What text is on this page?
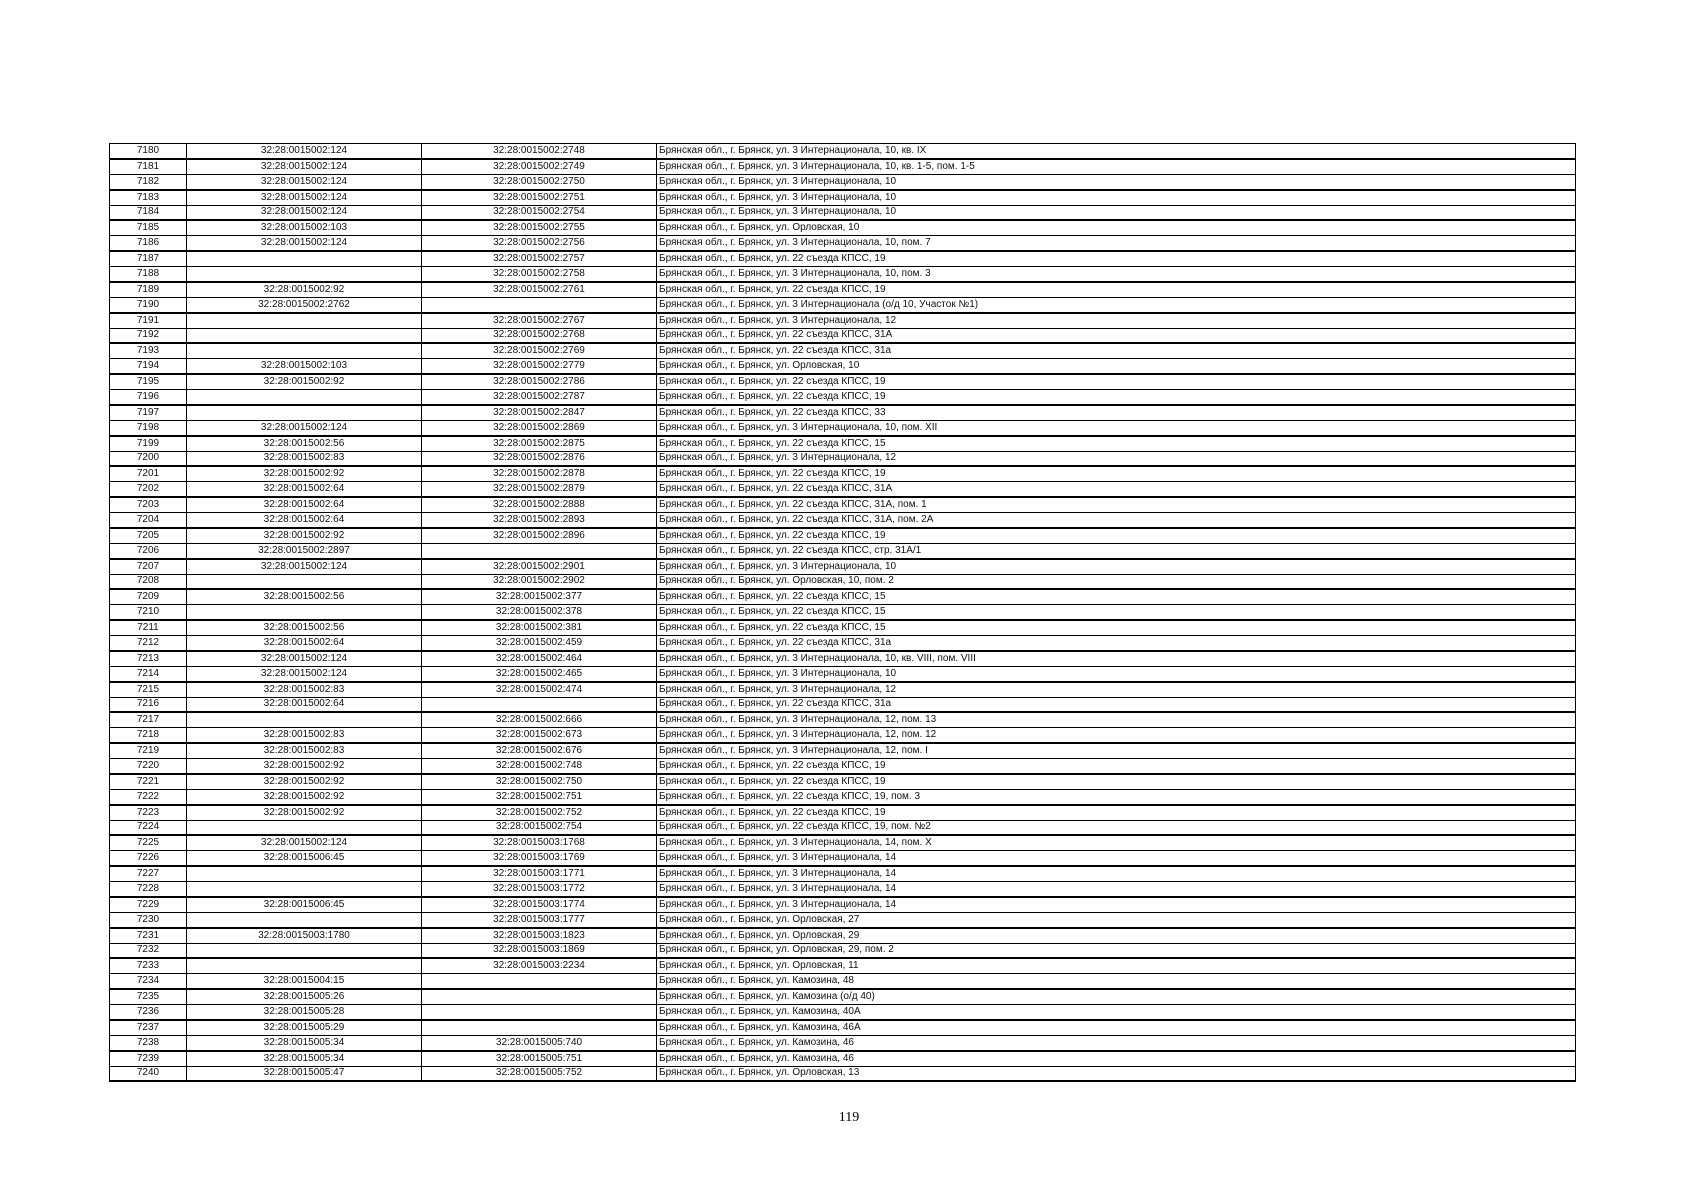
7180	32:28:0015002:124	32:28:0015002:2748	Брянская обл., г. Брянск, ул. 3 Интернационала, 10, кв. IX
7181	32:28:0015002:124	32:28:0015002:2749	Брянская обл., г. Брянск, ул. 3 Интернационала, 10, кв. 1-5, пом. 1-5
7182	32:28:0015002:124	32:28:0015002:2750	Брянская обл., г. Брянск, ул. 3 Интернационала, 10
7183	32:28:0015002:124	32:28:0015002:2751	Брянская обл., г. Брянск, ул. 3 Интернационала, 10
7184	32:28:0015002:124	32:28:0015002:2754	Брянская обл., г. Брянск, ул. 3 Интернационала, 10
7185	32:28:0015002:103	32:28:0015002:2755	Брянская обл., г. Брянск, ул. Орловская, 10
7186	32:28:0015002:124	32:28:0015002:2756	Брянская обл., г. Брянск, ул. 3 Интернационала, 10, пом. 7
7187		32:28:0015002:2757	Брянская обл., г. Брянск, ул. 22 съезда КПСС, 19
7188		32:28:0015002:2758	Брянская обл., г. Брянск, ул. 3 Интернационала, 10, пом. 3
7189	32:28:0015002:92	32:28:0015002:2761	Брянская обл., г. Брянск, ул. 22 съезда КПСС, 19
7190	32:28:0015002:2762		Брянская обл., г. Брянск, ул. 3 Интернационала (о/д 10, Участок №1)
7191		32:28:0015002:2767	Брянская обл., г. Брянск, ул. 3 Интернационала, 12
7192		32:28:0015002:2768	Брянская обл., г. Брянск, ул. 22 съезда КПСС, 31А
7193		32:28:0015002:2769	Брянская обл., г. Брянск, ул. 22 съезда КПСС, 31а
7194	32:28:0015002:103	32:28:0015002:2779	Брянская обл., г. Брянск, ул. Орловская, 10
7195	32:28:0015002:92	32:28:0015002:2786	Брянская обл., г. Брянск, ул. 22 съезда КПСС, 19
7196		32:28:0015002:2787	Брянская обл., г. Брянск, ул. 22 съезда КПСС, 19
7197		32:28:0015002:2847	Брянская обл., г. Брянск, ул. 22 съезда КПСС, 33
7198	32:28:0015002:124	32:28:0015002:2869	Брянская обл., г. Брянск, ул. 3 Интернационала, 10, пом. XII
7199	32:28:0015002:56	32:28:0015002:2875	Брянская обл., г. Брянск, ул. 22 съезда КПСС, 15
7200	32:28:0015002:83	32:28:0015002:2876	Брянская обл., г. Брянск, ул. 3 Интернационала, 12
7201	32:28:0015002:92	32:28:0015002:2878	Брянская обл., г. Брянск, ул. 22 съезда КПСС, 19
7202	32:28:0015002:64	32:28:0015002:2879	Брянская обл., г. Брянск, ул. 22 съезда КПСС, 31А
7203	32:28:0015002:64	32:28:0015002:2888	Брянская обл., г. Брянск, ул. 22 съезда КПСС, 31А, пом. 1
7204	32:28:0015002:64	32:28:0015002:2893	Брянская обл., г. Брянск, ул. 22 съезда КПСС, 31А, пом. 2А
7205	32:28:0015002:92	32:28:0015002:2896	Брянская обл., г. Брянск, ул. 22 съезда КПСС, 19
7206	32:28:0015002:2897		Брянская обл., г. Брянск, ул. 22 съезда КПСС, стр. 31А/1
7207	32:28:0015002:124	32:28:0015002:2901	Брянская обл., г. Брянск, ул. 3 Интернационала, 10
7208		32:28:0015002:2902	Брянская обл., г. Брянск, ул. Орловская, 10, пом. 2
7209	32:28:0015002:56	32:28:0015002:377	Брянская обл., г. Брянск, ул. 22 съезда КПСС, 15
7210		32:28:0015002:378	Брянская обл., г. Брянск, ул. 22 съезда КПСС, 15
7211	32:28:0015002:56	32:28:0015002:381	Брянская обл., г. Брянск, ул. 22 съезда КПСС, 15
7212	32:28:0015002:64	32:28:0015002:459	Брянская обл., г. Брянск, ул. 22 съезда КПСС, 31а
7213	32:28:0015002:124	32:28:0015002:464	Брянская обл., г. Брянск, ул. 3 Интернационала, 10, кв. VIII, пом. VIII
7214	32:28:0015002:124	32:28:0015002:465	Брянская обл., г. Брянск, ул. 3 Интернационала, 10
7215	32:28:0015002:83	32:28:0015002:474	Брянская обл., г. Брянск, ул. 3 Интернационала, 12
7216	32:28:0015002:64		Брянская обл., г. Брянск, ул. 22 съезда КПСС, 31а
7217		32:28:0015002:666	Брянская обл., г. Брянск, ул. 3 Интернационала, 12, пом. 13
7218	32:28:0015002:83	32:28:0015002:673	Брянская обл., г. Брянск, ул. 3 Интернационала, 12, пом. 12
7219	32:28:0015002:83	32:28:0015002:676	Брянская обл., г. Брянск, ул. 3 Интернационала, 12, пом. I
7220	32:28:0015002:92	32:28:0015002:748	Брянская обл., г. Брянск, ул. 22 съезда КПСС, 19
7221	32:28:0015002:92	32:28:0015002:750	Брянская обл., г. Брянск, ул. 22 съезда КПСС, 19
7222	32:28:0015002:92	32:28:0015002:751	Брянская обл., г. Брянск, ул. 22 съезда КПСС, 19, пом. 3
7223	32:28:0015002:92	32:28:0015002:752	Брянская обл., г. Брянск, ул. 22 съезда КПСС, 19
7224		32:28:0015002:754	Брянская обл., г. Брянск, ул. 22 съезда КПСС, 19, пом. №2
7225	32:28:0015002:124	32:28:0015003:1768	Брянская обл., г. Брянск, ул. 3 Интернационала, 14, пом. X
7226	32:28:0015006:45	32:28:0015003:1769	Брянская обл., г. Брянск, ул. 3 Интернационала, 14
7227		32:28:0015003:1771	Брянская обл., г. Брянск, ул. 3 Интернационала, 14
7228		32:28:0015003:1772	Брянская обл., г. Брянск, ул. 3 Интернационала, 14
7229	32:28:0015006:45	32:28:0015003:1774	Брянская обл., г. Брянск, ул. 3 Интернационала, 14
7230		32:28:0015003:1777	Брянская обл., г. Брянск, ул. Орловская, 27
7231	32:28:0015003:1780	32:28:0015003:1823	Брянская обл., г. Брянск, ул. Орловская, 29
7232		32:28:0015003:1869	Брянская обл., г. Брянск, ул. Орловская, 29, пом. 2
7233		32:28:0015003:2234	Брянская обл., г. Брянск, ул. Орловская, 11
7234	32:28:0015004:15		Брянская обл., г. Брянск, ул. Камозина, 48
7235	32:28:0015005:26		Брянская обл., г. Брянск, ул. Камозина (о/д 40)
7236	32:28:0015005:28		Брянская обл., г. Брянск, ул. Камозина, 40А
7237	32:28:0015005:29		Брянская обл., г. Брянск, ул. Камозина, 46А
7238	32:28:0015005:34	32:28:0015005:740	Брянская обл., г. Брянск, ул. Камозина, 46
7239	32:28:0015005:34	32:28:0015005:751	Брянская обл., г. Брянск, ул. Камозина, 46
7240	32:28:0015005:47	32:28:0015005:752	Брянская обл., г. Брянск, ул. Орловская, 13
119
